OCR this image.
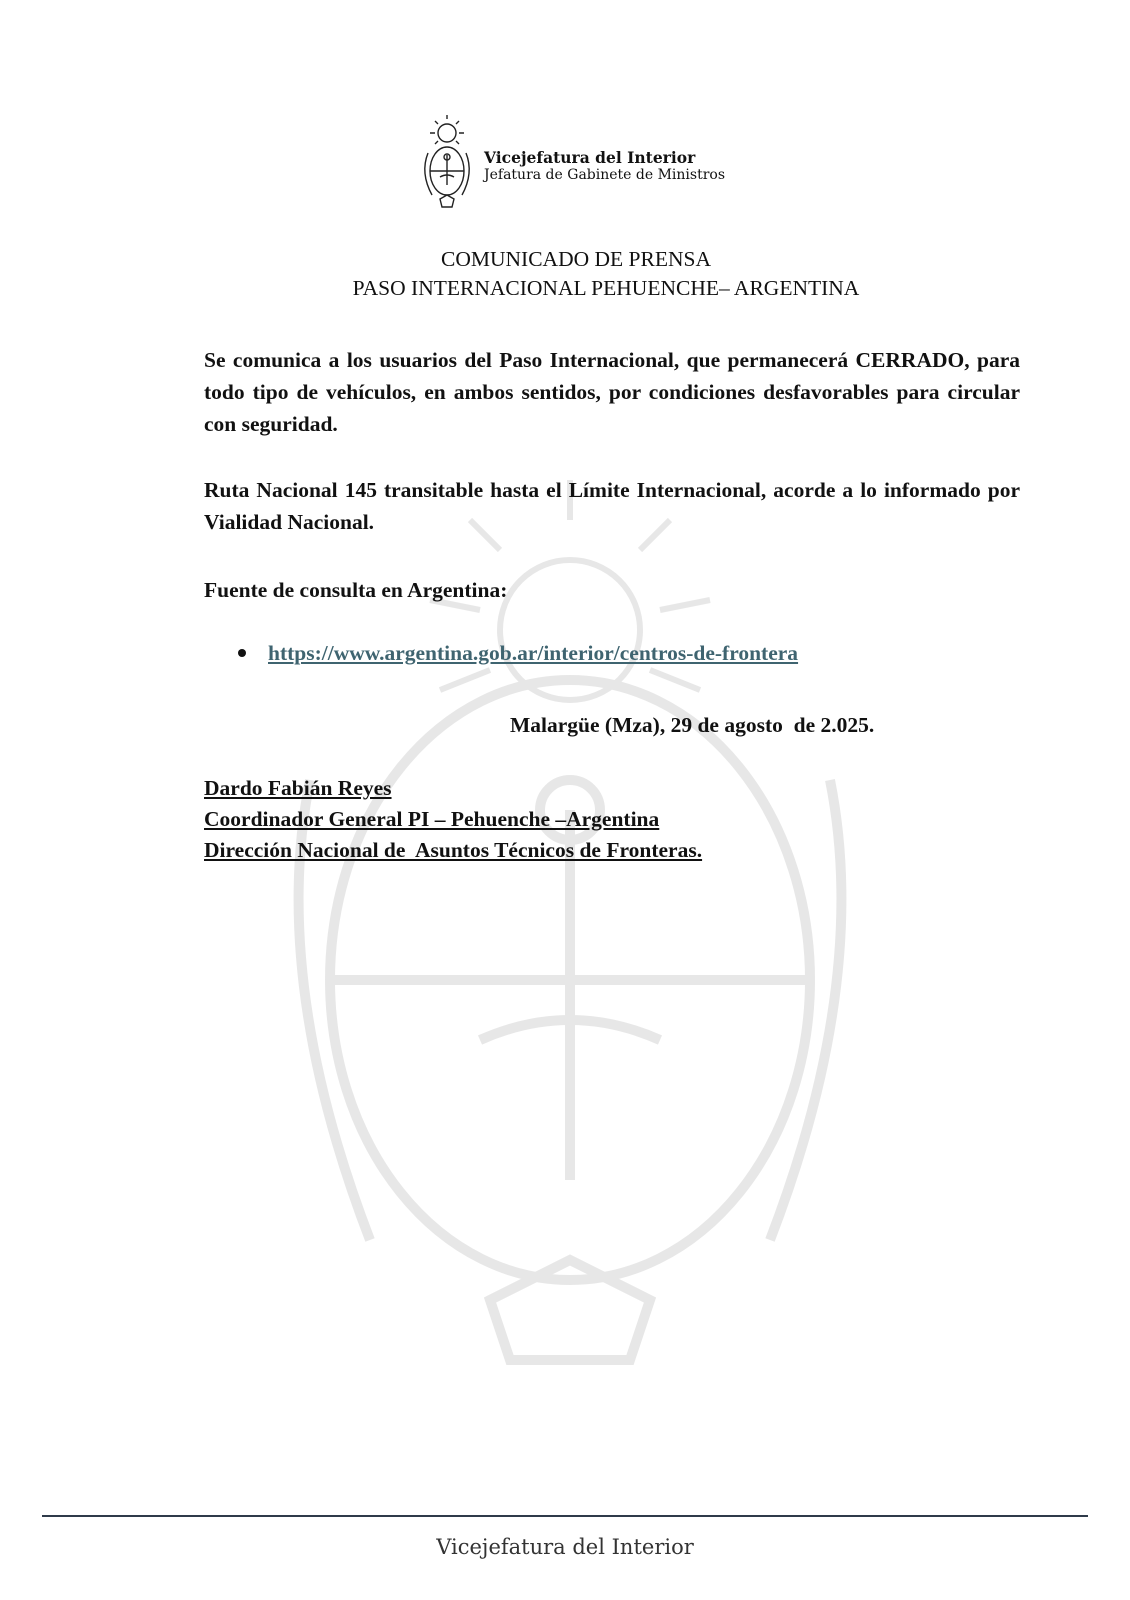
Vicejefatura del Interior
Jefatura de Gabinete de Ministros
COMUNICADO DE PRENSA
PASO INTERNACIONAL PEHUENCHE– ARGENTINA

Se comunica a los usuarios del Paso Internacional, que permanecerá CERRADO, para todo tipo de vehículos, en ambos sentidos, por condiciones desfavorables para circular con seguridad.

Ruta Nacional 145 transitable hasta el Límite Internacional, acorde a lo informado por Vialidad Nacional.

Fuente de consulta en Argentina:

https://www.argentina.gob.ar/interior/centros-de-frontera
Malargüe (Mza), 29 de agosto  de 2.025.
Dardo Fabián Reyes
Coordinador General PI – Pehuenche –Argentina
Dirección Nacional de  Asuntos Técnicos de Fronteras.
Vicejefatura del Interior
